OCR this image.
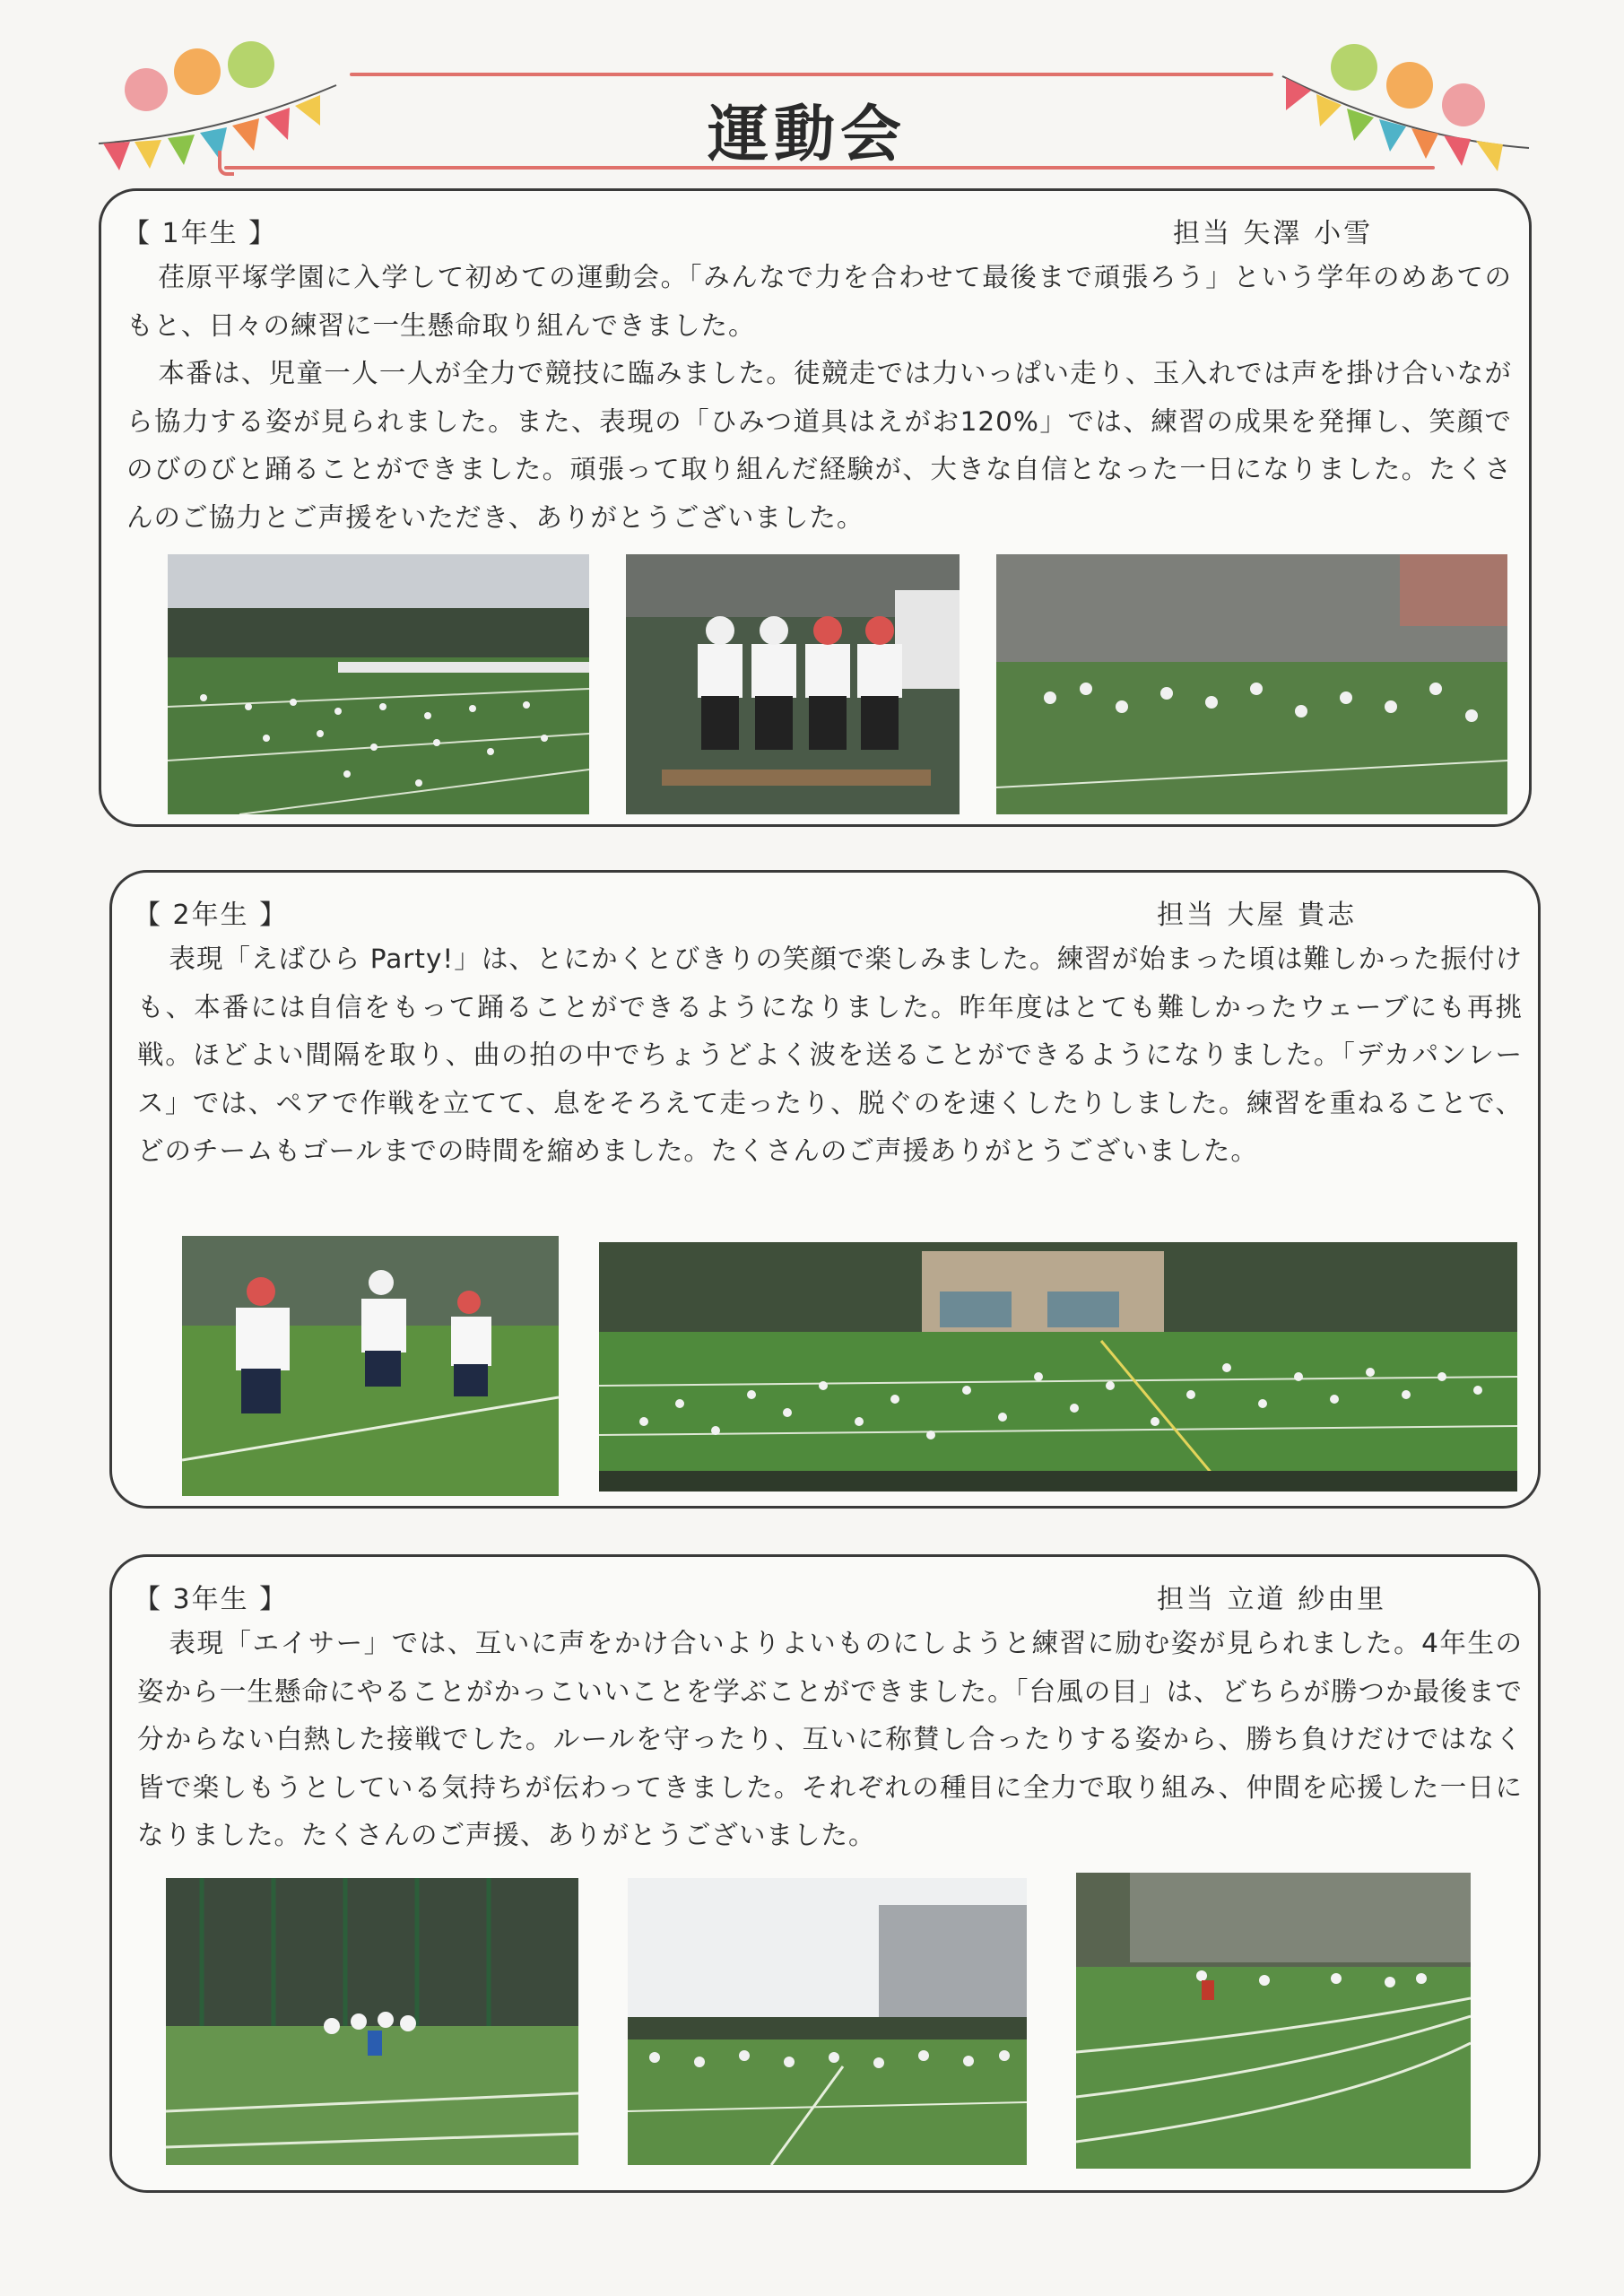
運動会
【 1年生 】	担当 矢澤 小雪

荏原平塚学園に入学して初めての運動会。「みんなで力を合わせて最後まで頑張ろう」という学年のめあてのもと、日々の練習に一生懸命取り組んできました。

本番は、児童一人一人が全力で競技に臨みました。徒競走では力いっぱい走り、玉入れでは声を掛け合いながら協力する姿が見られました。また、表現の「ひみつ道具はえがお120%」では、練習の成果を発揮し、笑顔でのびのびと踊ることができました。頑張って取り組んだ経験が、大きな自信となった一日になりました。たくさんのご協力とご声援をいただき、ありがとうございました。

【 2年生 】	担当 大屋 貴志

表現「えばひら Party!」は、とにかくとびきりの笑顔で楽しみました。練習が始まった頃は難しかった振付けも、本番には自信をもって踊ることができるようになりました。昨年度はとても難しかったウェーブにも再挑戦。ほどよい間隔を取り、曲の拍の中でちょうどよく波を送ることができるようになりました。「デカパンレース」では、ペアで作戦を立てて、息をそろえて走ったり、脱ぐのを速くしたりしました。練習を重ねることで、どのチームもゴールまでの時間を縮めました。たくさんのご声援ありがとうございました。

【 3年生 】	担当 立道 紗由里

表現「エイサー」では、互いに声をかけ合いよりよいものにしようと練習に励む姿が見られました。4年生の姿から一生懸命にやることがかっこいいことを学ぶことができました。「台風の目」は、どちらが勝つか最後まで分からない白熱した接戦でした。ルールを守ったり、互いに称賛し合ったりする姿から、勝ち負けだけではなく皆で楽しもうとしている気持ちが伝わってきました。それぞれの種目に全力で取り組み、仲間を応援した一日になりました。たくさんのご声援、ありがとうございました。
